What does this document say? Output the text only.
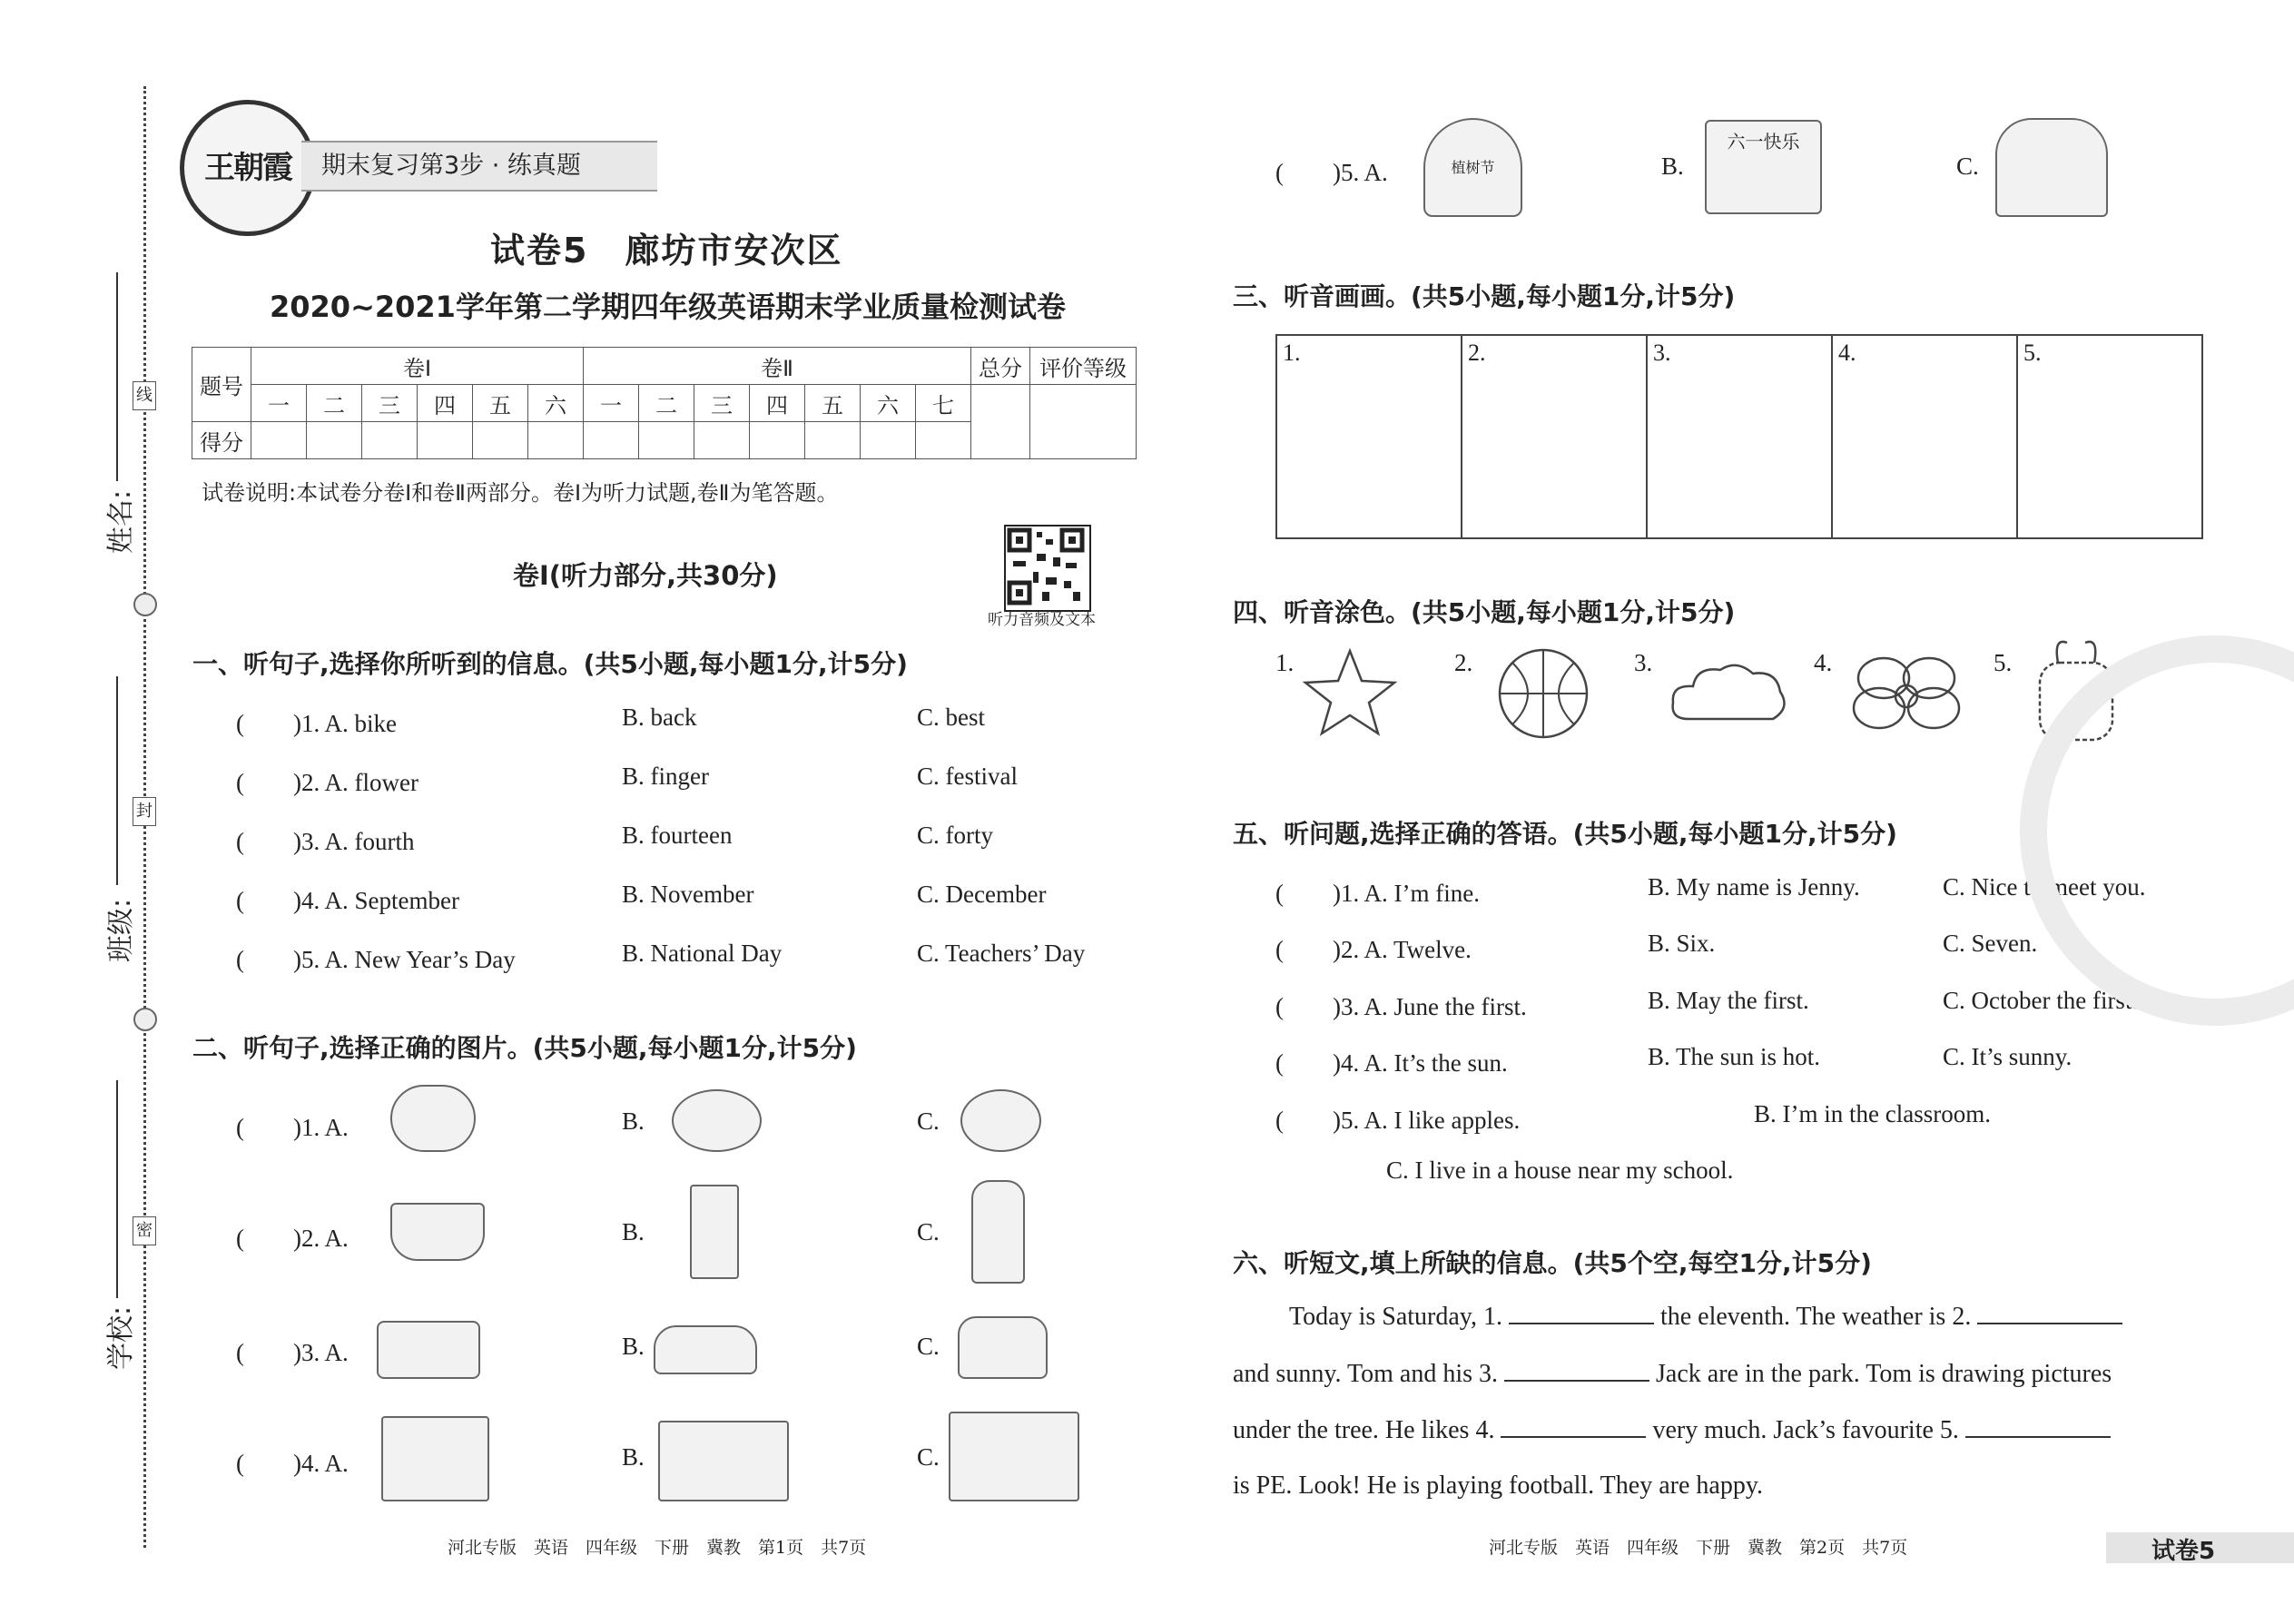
姓名:
班级:
学校:
线
封
密
王朝霞	期末复习第3步 · 练真题
试卷5　廊坊市安次区
2020~2021学年第二学期四年级英语期末学业质量检测试卷
题号	卷Ⅰ						卷Ⅱ							总分	评价等级
	一	二	三	四	五	六	一	二	三	四	五	六	七		
得分															
试卷说明:本试卷分卷Ⅰ和卷Ⅱ两部分。卷Ⅰ为听力试题,卷Ⅱ为笔答题。
听力音频及文本
卷Ⅰ(听力部分,共30分)
一、听句子,选择你所听到的信息。(共5小题,每小题1分,计5分)
(　　)1. A. bike	B. back	C. best
(　　)2. A. flower	B. finger	C. festival
(　　)3. A. fourth	B. fourteen	C. forty
(　　)4. A. September	B. November	C. December
(　　)5. A. New Year’s Day	B. National Day	C. Teachers’ Day
二、听句子,选择正确的图片。(共5小题,每小题1分,计5分)
(　　)1. A.	B.	C.
(　　)2. A.	B.	C.
(　　)3. A.	B.	C.
(　　)4. A.	B.	C.
(　　)5. A.	植树节	B.
六一快乐
C.
三、听音画画。(共5小题,每小题1分,计5分)
1.	2.	3.	4.	5.
四、听音涂色。(共5小题,每小题1分,计5分)
1.	2.	3.	4.	5.
五、听问题,选择正确的答语。(共5小题,每小题1分,计5分)
(　　)1. A. I’m fine.	B. My name is Jenny.	C. Nice to meet you.
(　　)2. A. Twelve.	B. Six.	C. Seven.
(　　)3. A. June the first.	B. May the first.	C. October the first.
(　　)4. A. It’s the sun.	B. The sun is hot.	C. It’s sunny.
(　　)5. A. I like apples.	B. I’m in the classroom.
C. I live in a house near my school.
六、听短文,填上所缺的信息。(共5个空,每空1分,计5分)
Today is Saturday, 1.	the eleventh. The weather is 2.
and sunny. Tom and his 3.	Jack are in the park. Tom is drawing pictures
under the tree. He likes 4.	very much. Jack’s favourite 5.
is PE. Look! He is playing football. They are happy.
河北专版　英语　四年级　下册　冀教　第1页　共7页	河北专版　英语　四年级　下册　冀教　第2页　共7页	试卷5
